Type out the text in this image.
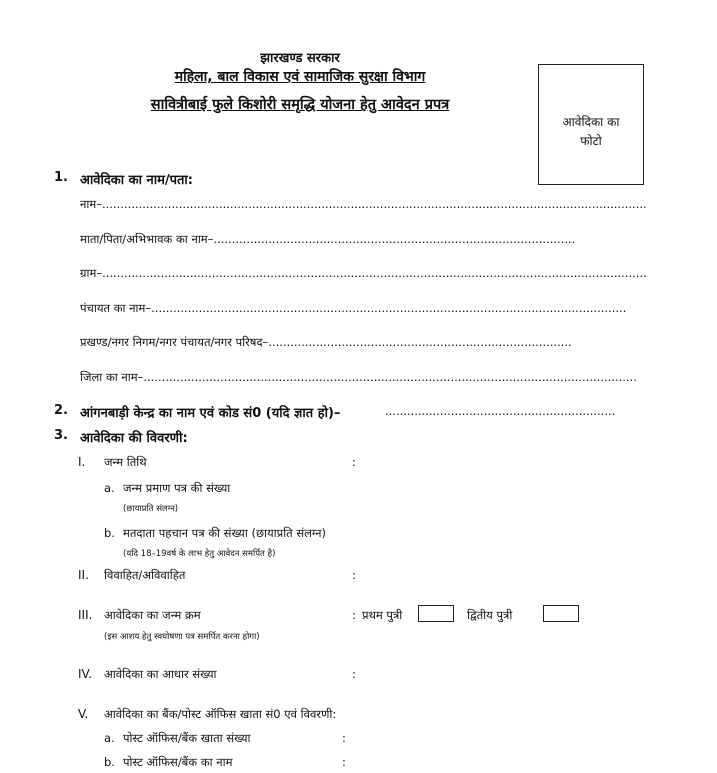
झारखण्ड सरकार
महिला, बाल विकास एवं सामाजिक सुरक्षा विभाग
सावित्रीबाई फुले किशोरी समृद्धि योजना हेतु आवेदन प्रपत्र
आवेदिका का
फोटो
1. आवेदिका का नाम/पता:
नाम–.....................................................................................................................................................
माता/पिता/अभिभावक का नाम–...................................................................................................
ग्राम–.....................................................................................................................................................
पंचायत का नाम–..................................................................................................................................
प्रखण्ड/नगर निगम/नगर पंचायत/नगर परिषद–...................................................................................
जिला का नाम–.......................................................................................................................................
2. आंगनबाड़ी केन्द्र का नाम एवं कोड सं0 (यदि ज्ञात हो)–	...............................................................
3. आवेदिका की विवरणी:
I. जन्म तिथि	:
a. जन्म प्रमाण पत्र की संख्या
(छायाप्रति संलग्न)
b. मतदाता पहचान पत्र की संख्या (छायाप्रति संलग्न)
(यदि 18–19वर्ष के लाभ हेतु आवेदन समर्पित है)
II. विवाहित/अविवाहित	:
III. आवेदिका का जन्म क्रम	: प्रथम पुत्री	द्वितीय पुत्री
(इस आशय हेतु स्वघोषणा पत्र समर्पित करना होगा)
IV. आवेदिका का आधार संख्या	:
V. आवेदिका का बैंक/पोस्ट ऑफिस खाता सं0 एवं विवरणी:
a. पोस्ट ऑफिस/बैंक खाता संख्या	:
b. पोस्ट ऑफिस/बैंक का नाम	:
